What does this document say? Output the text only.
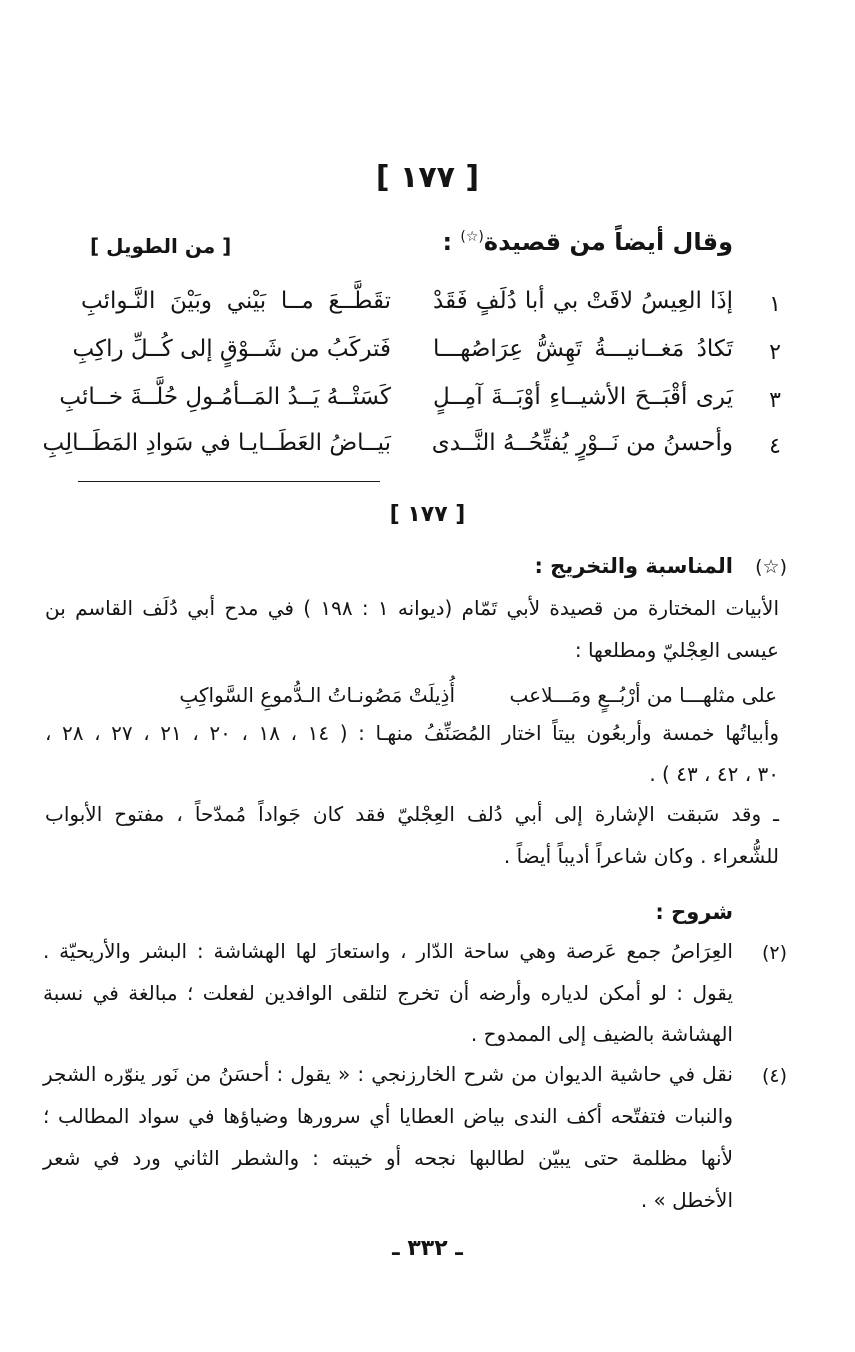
[ ١٧٧ ]
وقال أيضاً من قصيدة(☆) :
[ من الطويل ]
١
إذَا العِيسُ لاقَتْ بي أبا دُلَفٍ فَقَدْ
تقَطَّــعَ مــا بَيْني وبَيْنَ النَّـوائبِ
٢
تَكادُ مَغــانيـــةُ تَهِشُّ عِرَاصُهـــا
فَتركَبُ من شَــوْقٍ إلى كُــلِّ راكِبِ
٣
يَرى أقْبَــحَ الأشيــاءِ أوْبَــةَ آمِــلٍ
كَسَتْــهُ يَــدُ المَــأمُـولِ حُلَّــةَ خــائبِ
٤
وأحسنُ من نَــوْرٍ يُفتِّحُــهُ النَّــدى
بَيــاضُ العَطَــايـا في سَوادِ المَطَــالِبِ
[ ١٧٧ ]
(☆)
المناسبة والتخريج :
الأبيات المختارة من قصيدة لأبي تَمّام (ديوانه ١ : ١٩٨ ) في مدح أبي دُلَف القاسم بن
عيسى العِجْليّ ومطلعها :
على مثلهـــا من أرْبُــعٍ ومَـــلاعب
أُذِيلَتْ مَصُونـاتُ الـدُّموعِ السَّواكِبِ
وأبياتُها خمسة وأربعُون بيتاً اختار المُصَنِّفُ منهـا : ( ١٤ ، ١٨ ، ٢٠ ، ٢١ ، ٢٧ ، ٢٨ ،
٣٠ ، ٤٢ ، ٤٣ ) .
ـ وقد سَبقت الإشارة إلى أبي دُلف العِجْليّ فقد كان جَواداً مُمدّحاً ، مفتوح الأبواب
للشُّعراء . وكان شاعراً أديباً أيضاً .
شروح :
(٢)
العِرَاصُ جمع عَرصة وهي ساحة الدّار ، واستعارَ لها الهشاشة : البشر والأريحيّة .
يقول : لو أمكن لدياره وأرضه أن تخرج لتلقى الوافدين لفعلت ؛ مبالغة في نسبة
الهشاشة بالضيف إلى الممدوح .
(٤)
نقل في حاشية الديوان من شرح الخارزنجي : « يقول : أحسَنُ من نَور ينوّره الشجر
والنبات فتفتّحه أكف الندى بياض العطايا أي سرورها وضياؤها في سواد المطالب ؛
لأنها مظلمة حتى يبيّن لطالبها نجحه أو خيبته : والشطر الثاني ورد في شعر
الأخطل » .
ـ ٣٣٢ ـ
